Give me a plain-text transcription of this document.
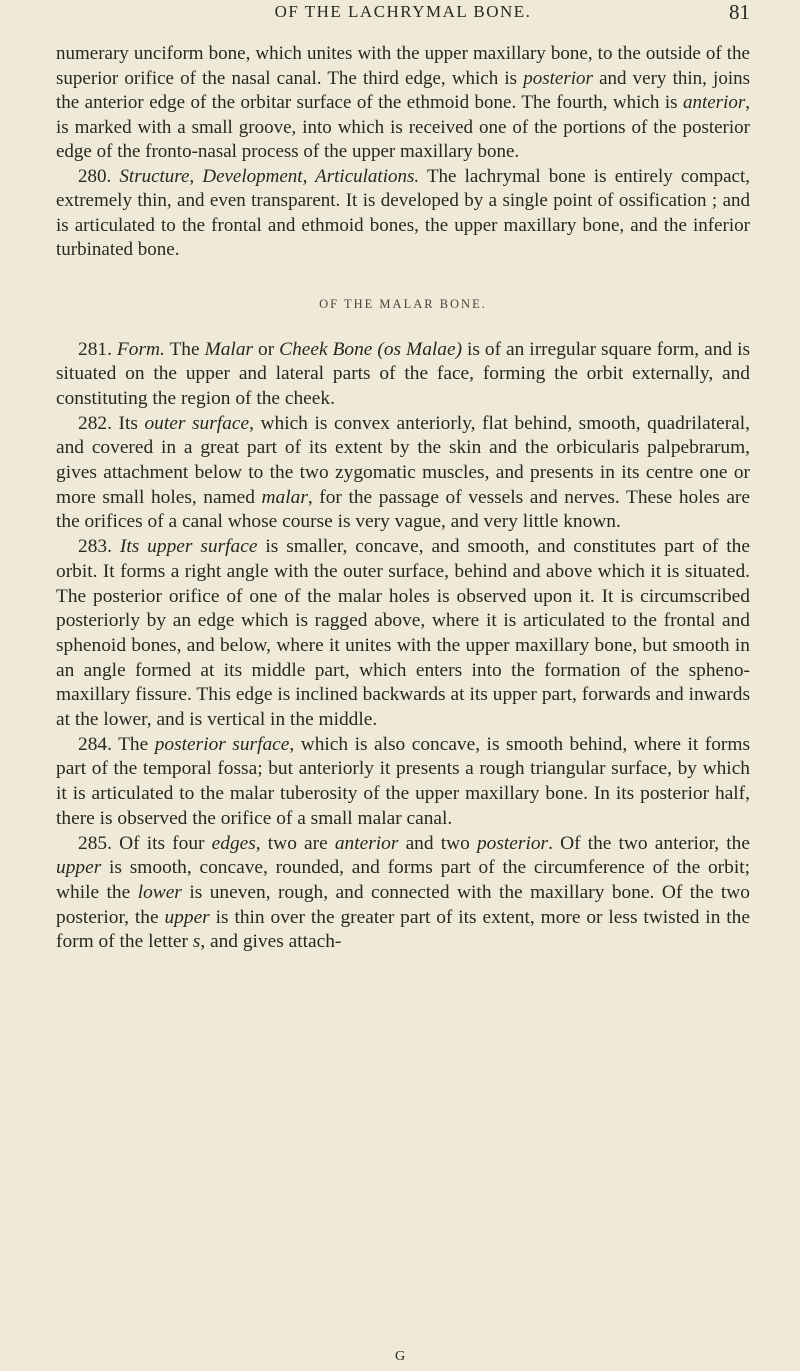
OF THE LACHRYMAL BONE.	81

numerary unciform bone, which unites with the upper maxillary bone, to the outside of the superior orifice of the nasal canal. The third edge, which is posterior and very thin, joins the anterior edge of the orbitar surface of the ethmoid bone. The fourth, which is anterior, is marked with a small groove, into which is received one of the portions of the posterior edge of the fronto-nasal process of the upper maxillary bone.

280. Structure, Development, Articulations. The lachrymal bone is entirely compact, extremely thin, and even transparent. It is developed by a single point of ossification ; and is articulated to the frontal and ethmoid bones, the upper maxillary bone, and the inferior turbinated bone.

OF THE MALAR BONE.

281. Form. The Malar or Cheek Bone (os Malae) is of an irregular square form, and is situated on the upper and lateral parts of the face, forming the orbit externally, and constituting the region of the cheek.

282. Its outer surface, which is convex anteriorly, flat behind, smooth, quadrilateral, and covered in a great part of its extent by the skin and the orbicularis palpebrarum, gives attachment below to the two zygomatic muscles, and presents in its centre one or more small holes, named malar, for the passage of vessels and nerves. These holes are the orifices of a canal whose course is very vague, and very little known.

283. Its upper surface is smaller, concave, and smooth, and constitutes part of the orbit. It forms a right angle with the outer surface, behind and above which it is situated. The posterior orifice of one of the malar holes is observed upon it. It is circumscribed posteriorly by an edge which is ragged above, where it is articulated to the frontal and sphenoid bones, and below, where it unites with the upper maxillary bone, but smooth in an angle formed at its middle part, which enters into the formation of the spheno-maxillary fissure. This edge is inclined backwards at its upper part, forwards and inwards at the lower, and is vertical in the middle.

284. The posterior surface, which is also concave, is smooth behind, where it forms part of the temporal fossa; but anteriorly it presents a rough triangular surface, by which it is articulated to the malar tuberosity of the upper maxillary bone. In its posterior half, there is observed the orifice of a small malar canal.

285. Of its four edges, two are anterior and two posterior. Of the two anterior, the upper is smooth, concave, rounded, and forms part of the circumference of the orbit; while the lower is uneven, rough, and connected with the maxillary bone. Of the two posterior, the upper is thin over the greater part of its extent, more or less twisted in the form of the letter s, and gives attach-

G
